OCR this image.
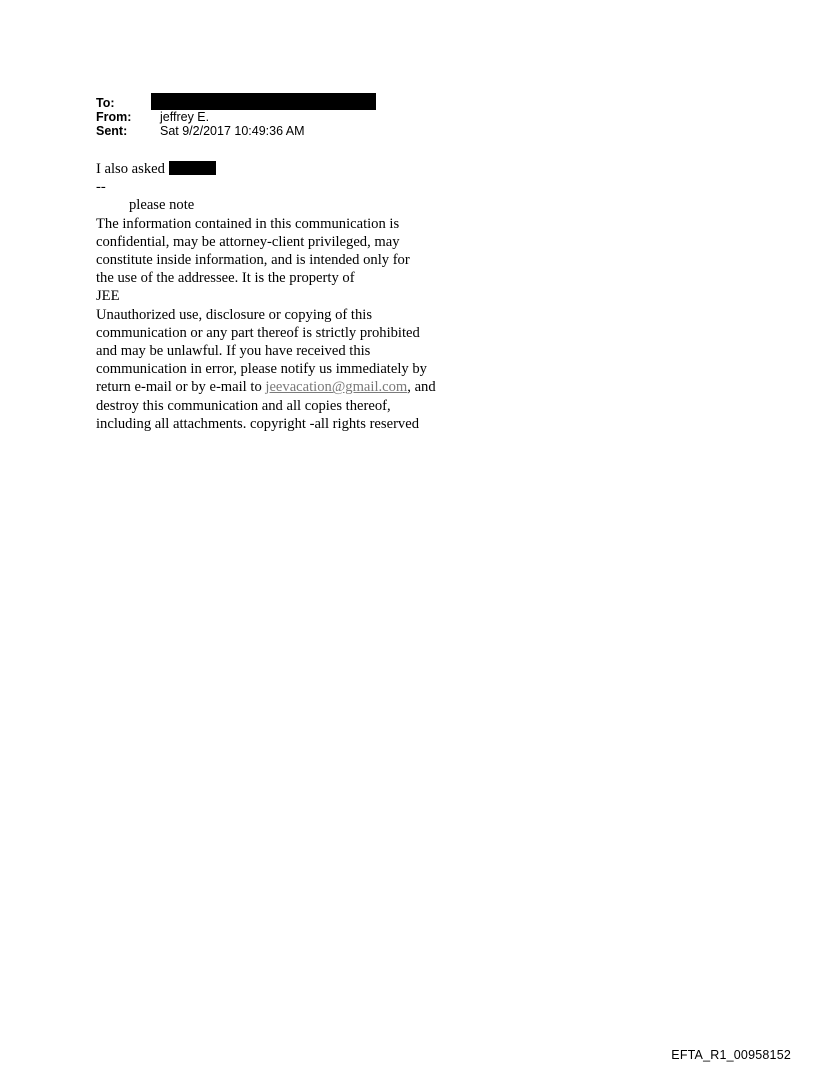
To:
From:	jeffrey E.
Sent:	Sat 9/2/2017 10:49:36 AM

I also asked

--

please note

The information contained in this communication is

confidential, may be attorney-client privileged, may

constitute inside information, and is intended only for

the use of the addressee. It is the property of

JEE

Unauthorized use, disclosure or copying of this

communication or any part thereof is strictly prohibited

and may be unlawful. If you have received this

communication in error, please notify us immediately by

return e-mail or by e-mail to jeevacation@gmail.com, and

destroy this communication and all copies thereof,

including all attachments. copyright -all rights reserved

EFTA_R1_00958152
